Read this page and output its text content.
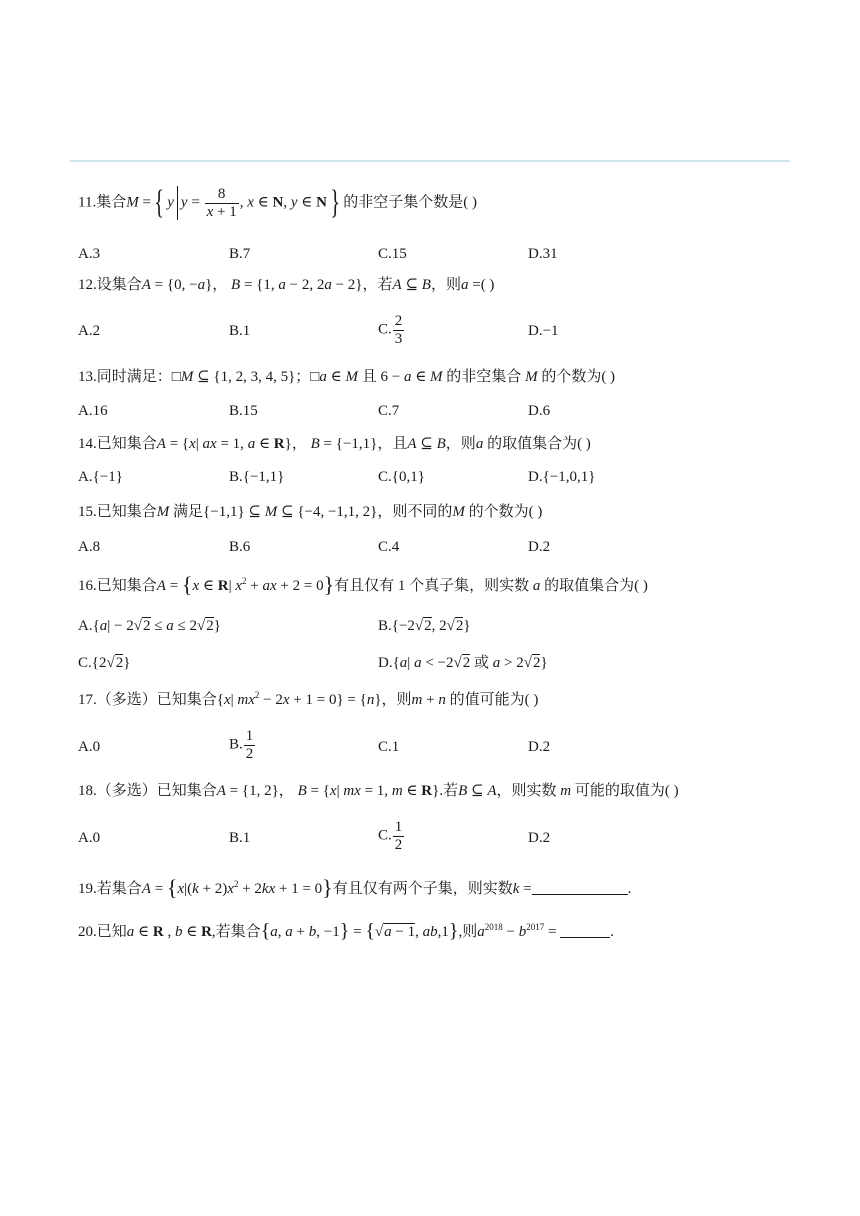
11.集合M ={ y $y = \frac{8}{x + 1}$ , x ∈ N, y ∈ N} 的非空子集个数是( )
A.3	B.7	C.15	D.31
12.设集合A = {0, −a}， B = {1, a − 2, 2a − 2}，若A ⊆ B，则a =( )
A.2	B.1	C. $\frac{2}{3}$	D.−1
13.同时满足：□M ⊆ {1, 2, 3, 4, 5}；□a ∈ M 且 6 − a ∈ M 的非空集合 M 的个数为( )
A.16	B.15	C.7	D.6
14.已知集合A = {x| ax = 1, a ∈ R}， B = {−1,1}，且A ⊆ B，则a 的取值集合为( )
A.{−1}	B.{−1,1}	C.{0,1}	D.{−1,0,1}
15.已知集合M 满足{−1,1} ⊆ M ⊆ {−4, −1,1, 2}，则不同的M 的个数为( )
A.8	B.6	C.4	D.2
16.已知集合A = {x ∈ R| $x^2$ + ax + 2 = 0}有且仅有 1 个真子集，则实数 a 的取值集合为( )
A.{a| − 2√2 ≤ a ≤ 2√2}	B.{−2√2, 2√2}
C.{2√2}	D.{a| a < −2√2 或 a > 2√2}
17.（多选）已知集合{x| $mx^2 - 2x + 1 = 0\} = \{n\}$，则m + n 的值可能为( )
A.0	B. $\frac{1}{2}$	C.1	D.2
18.（多选）已知集合A = {1, 2}， B = {x| mx = 1, m ∈ R}.若B ⊆ A，则实数 m 可能的取值为( )
A.0	B.1	C. $\frac{1}{2}$	D.2
19.若集合$A = \{x|(k + 2)x^2 + 2kx + 1 = 0\}$有且仅有两个子集，则实数k =	.
20.已知a ∈ R , b ∈ R,若集合{a, a + b, −1} = {√a − 1, ab,1},则$a^{2018} - b^{2017}$ =	.
